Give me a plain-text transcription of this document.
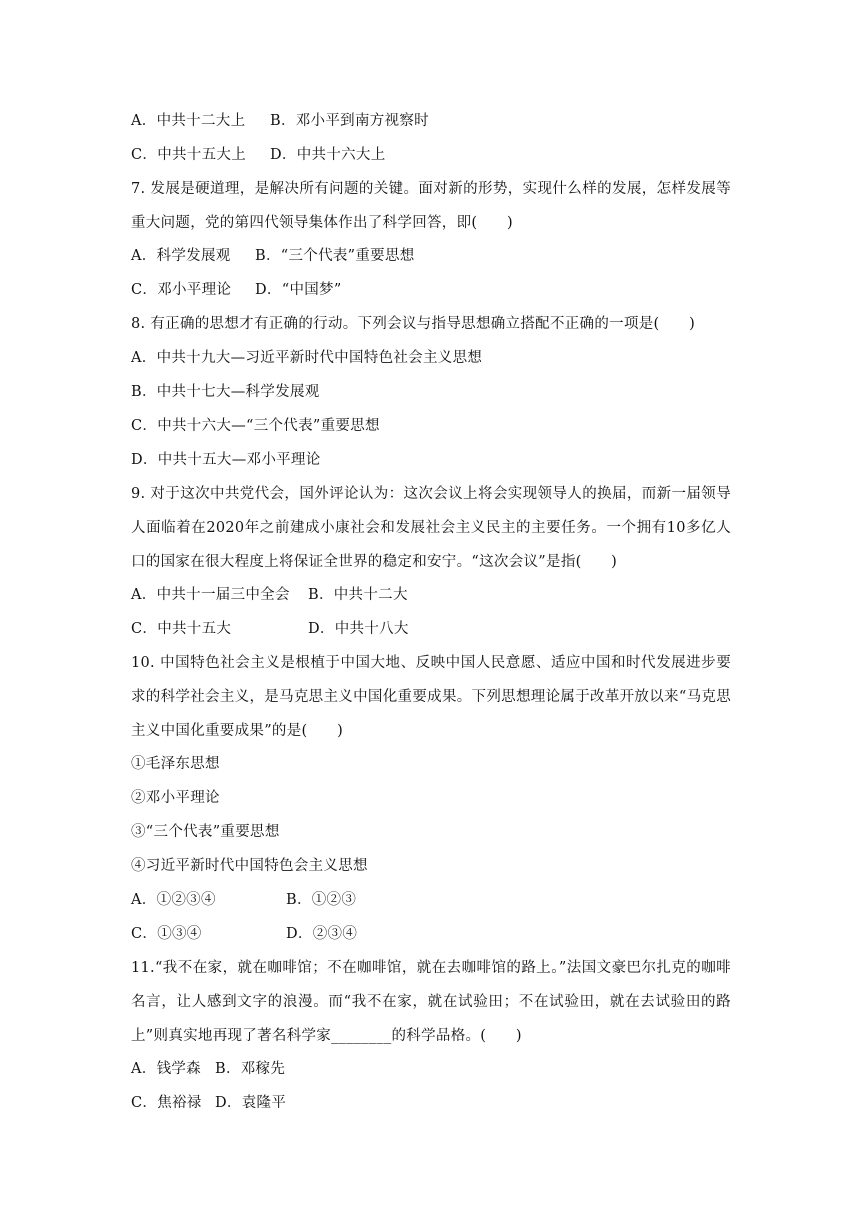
A．中共十二大上 B．邓小平到南方视察时
C．中共十五大上 D．中共十六大上
7. 发展是硬道理，是解决所有问题的关键。面对新的形势，实现什么样的发展，怎样发展等重大问题，党的第四代领导集体作出了科学回答，即(　　)
A．科学发展观 B．“三个代表”重要思想
C．邓小平理论 D．“中国梦”
8. 有正确的思想才有正确的行动。下列会议与指导思想确立搭配不正确的一项是(　　)
A．中共十九大—习近平新时代中国特色社会主义思想
B．中共十七大—科学发展观
C．中共十六大—“三个代表”重要思想
D．中共十五大—邓小平理论
9. 对于这次中共党代会，国外评论认为：这次会议上将会实现领导人的换届，而新一届领导人面临着在2020年之前建成小康社会和发展社会主义民主的主要任务。一个拥有10多亿人口的国家在很大程度上将保证全世界的稳定和安宁。“这次会议”是指(　　)
A．中共十一届三中全会 B．中共十二大
C．中共十五大	D．中共十八大
10. 中国特色社会主义是根植于中国大地、反映中国人民意愿、适应中国和时代发展进步要求的科学社会主义，是马克思主义中国化重要成果。下列思想理论属于改革开放以来“马克思主义中国化重要成果”的是(　　)
①毛泽东思想
②邓小平理论
③“三个代表”重要思想
④习近平新时代中国特色会主义思想
A．①②③④	B．①②③
C．①③④	D．②③④
11.“我不在家，就在咖啡馆；不在咖啡馆，就在去咖啡馆的路上。”法国文豪巴尔扎克的咖啡名言，让人感到文字的浪漫。而“我不在家，就在试验田；不在试验田，就在去试验田的路上”则真实地再现了著名科学家________的科学品格。(　　)
A．钱学森 B．邓稼先
C．焦裕禄 D．袁隆平
